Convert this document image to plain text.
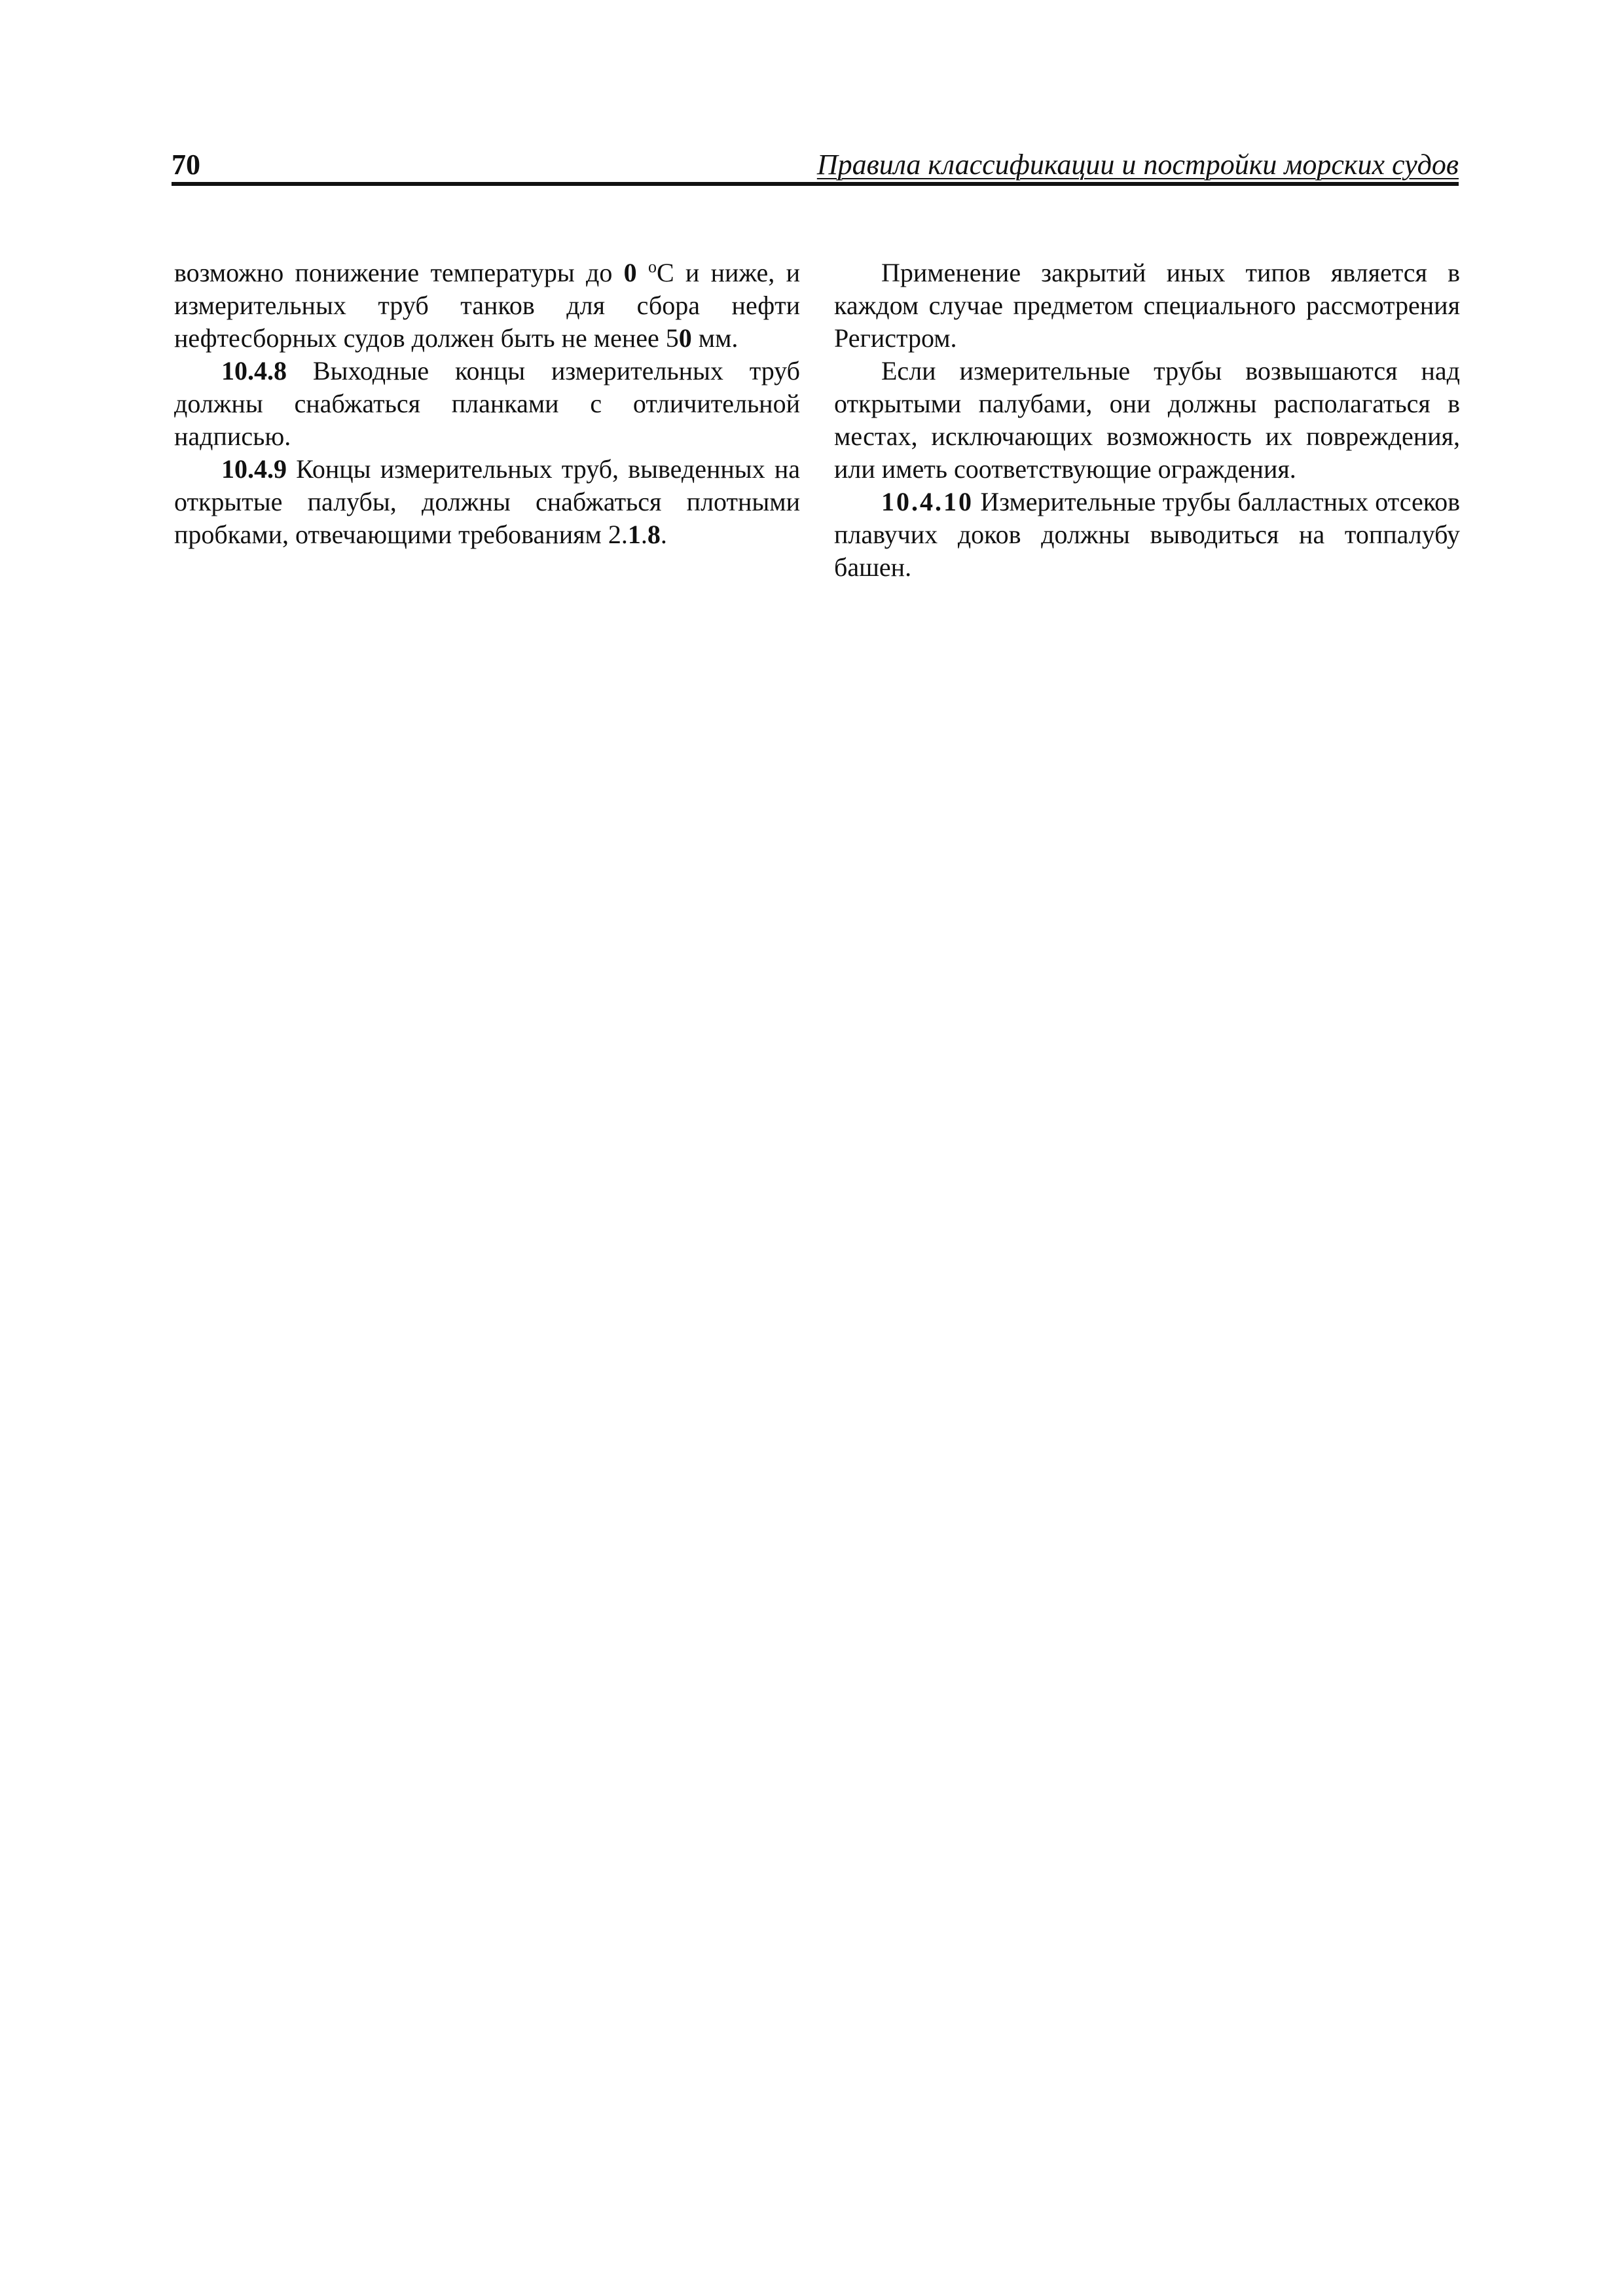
70	Правила классификации и постройки морских судов

возможно понижение температуры до 0 $^o$С и ниже, и измерительных труб танков для сбора нефти нефтесборных судов должен быть не менее 50 мм.

10.4.8 Выходные концы измерительных труб должны снабжаться планками с отличительной надписью.

10.4.9 Концы измерительных труб, выведенных на открытые палубы, должны снабжаться плотными пробками, отвечающими требованиям 2.1.8.

Применение закрытий иных типов является в каждом случае предметом специального рассмотрения Регистром.

Если измерительные трубы возвышаются над открытыми палубами, они должны располагаться в местах, исключающих возможность их повреждения, или иметь соответствующие ограждения.

10.4.10 Измерительные трубы балластных отсеков плавучих доков должны выводиться на топпалубу башен.
